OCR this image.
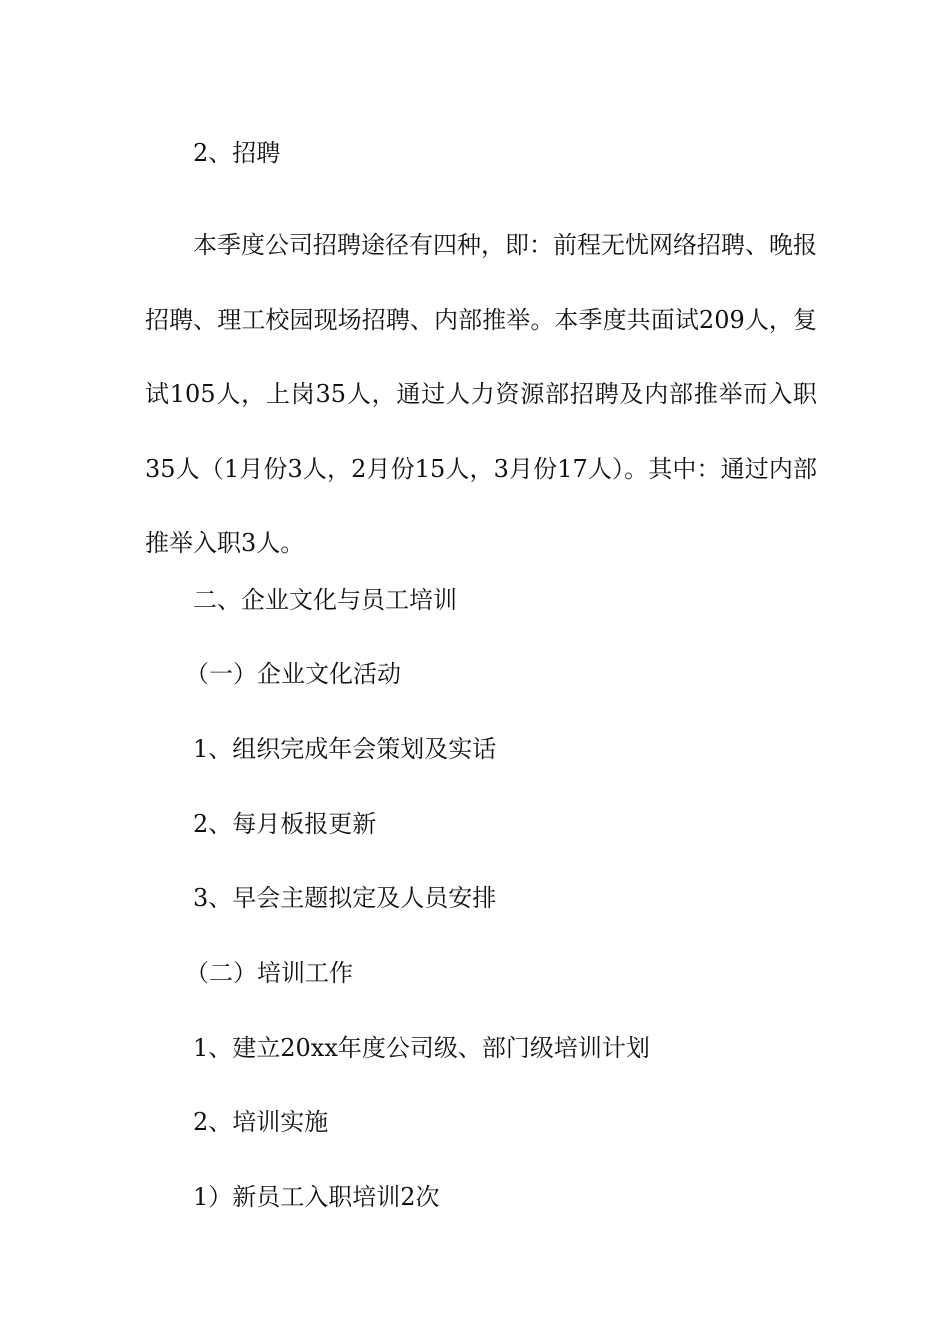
2、招聘

本季度公司招聘途径有四种，即：前程无忧网络招聘、晚报招聘、理工校园现场招聘、内部推举。本季度共面试209人，复试105人，上岗35人，通过人力资源部招聘及内部推举而入职35人（1月份3人，2月份15人，3月份17人）。其中：通过内部推举入职3人。

二、企业文化与员工培训

（一）企业文化活动

1、组织完成年会策划及实话

2、每月板报更新

3、早会主题拟定及人员安排

（二）培训工作

1、建立20xx年度公司级、部门级培训计划

2、培训实施

1）新员工入职培训2次
